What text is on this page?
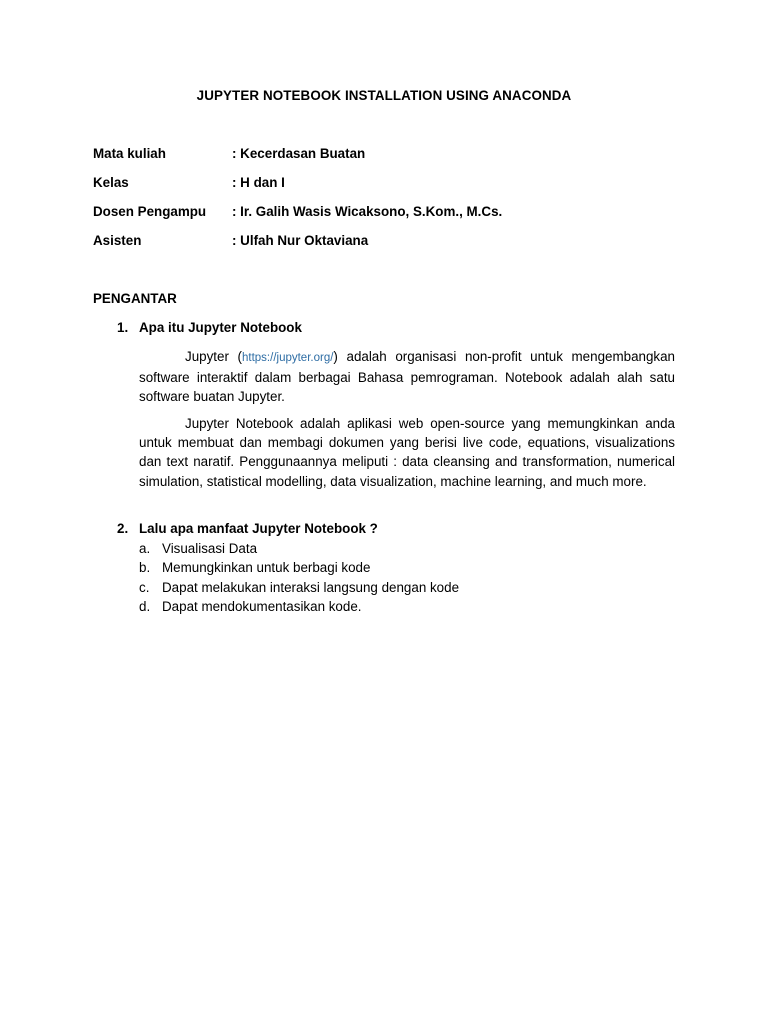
JUPYTER NOTEBOOK INSTALLATION USING ANACONDA
Mata kuliah	: Kecerdasan Buatan
Kelas	: H dan I
Dosen Pengampu : Ir. Galih Wasis Wicaksono, S.Kom., M.Cs.
Asisten	: Ulfah Nur Oktaviana
PENGANTAR
1. Apa itu Jupyter Notebook
Jupyter (https://jupyter.org/) adalah organisasi non-profit untuk mengembangkan software interaktif dalam berbagai Bahasa pemrograman. Notebook adalah alah satu software buatan Jupyter.
Jupyter Notebook adalah aplikasi web open-source yang memungkinkan anda untuk membuat dan membagi dokumen yang berisi live code, equations, visualizations dan text naratif. Penggunaannya meliputi : data cleansing and transformation, numerical simulation, statistical modelling, data visualization, machine learning, and much more.
2. Lalu apa manfaat Jupyter Notebook ?
a. Visualisasi Data
b. Memungkinkan untuk berbagi kode
c. Dapat melakukan interaksi langsung dengan kode
d. Dapat mendokumentasikan kode.
